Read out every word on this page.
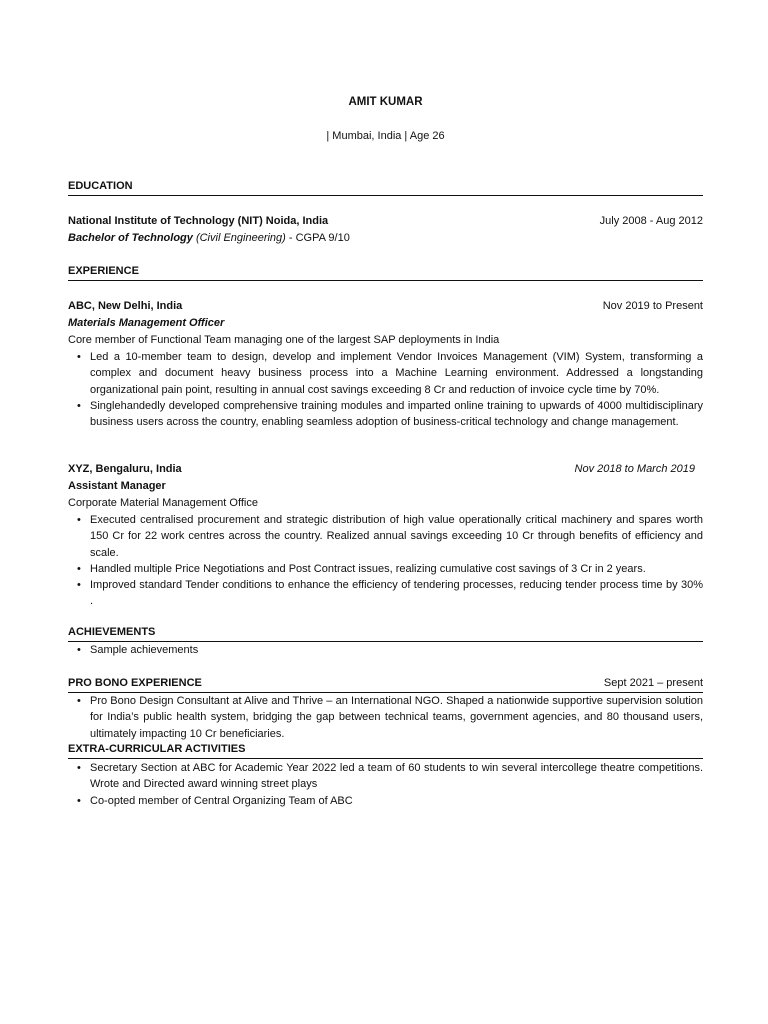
AMIT KUMAR
| Mumbai, India | Age 26
EDUCATION
National Institute of Technology (NIT) Noida, India	July 2008 - Aug 2012
Bachelor of Technology (Civil Engineering) - CGPA 9/10
EXPERIENCE
ABC, New Delhi, India	Nov 2019 to Present
Materials Management Officer
Core member of Functional Team managing one of the largest SAP deployments in India
• Led a 10-member team to design, develop and implement Vendor Invoices Management (VIM) System, transforming a complex and document heavy business process into a Machine Learning environment. Addressed a longstanding organizational pain point, resulting in annual cost savings exceeding 8 Cr and reduction of invoice cycle time by 70%.
• Singlehandedly developed comprehensive training modules and imparted online training to upwards of 4000 multidisciplinary business users across the country, enabling seamless adoption of business-critical technology and change management.
XYZ, Bengaluru, India	Nov 2018 to March 2019
Assistant Manager
Corporate Material Management Office
• Executed centralised procurement and strategic distribution of high value operationally critical machinery and spares worth 150 Cr for 22 work centres across the country. Realized annual savings exceeding 10 Cr through benefits of efficiency and scale.
• Handled multiple Price Negotiations and Post Contract issues, realizing cumulative cost savings of 3 Cr in 2 years.
• Improved standard Tender conditions to enhance the efficiency of tendering processes, reducing tender process time by 30% .
ACHIEVEMENTS
• Sample achievements
PRO BONO EXPERIENCE	Sept 2021 – present
• Pro Bono Design Consultant at Alive and Thrive – an International NGO. Shaped a nationwide supportive supervision solution for India’s public health system, bridging the gap between technical teams, government agencies, and 80 thousand users, ultimately impacting 10 Cr beneficiaries.
EXTRA-CURRICULAR ACTIVITIES
• Secretary Section at ABC for Academic Year 2022 led a team of 60 students to win several intercollege theatre competitions. Wrote and Directed award winning street plays
• Co-opted member of Central Organizing Team of ABC
